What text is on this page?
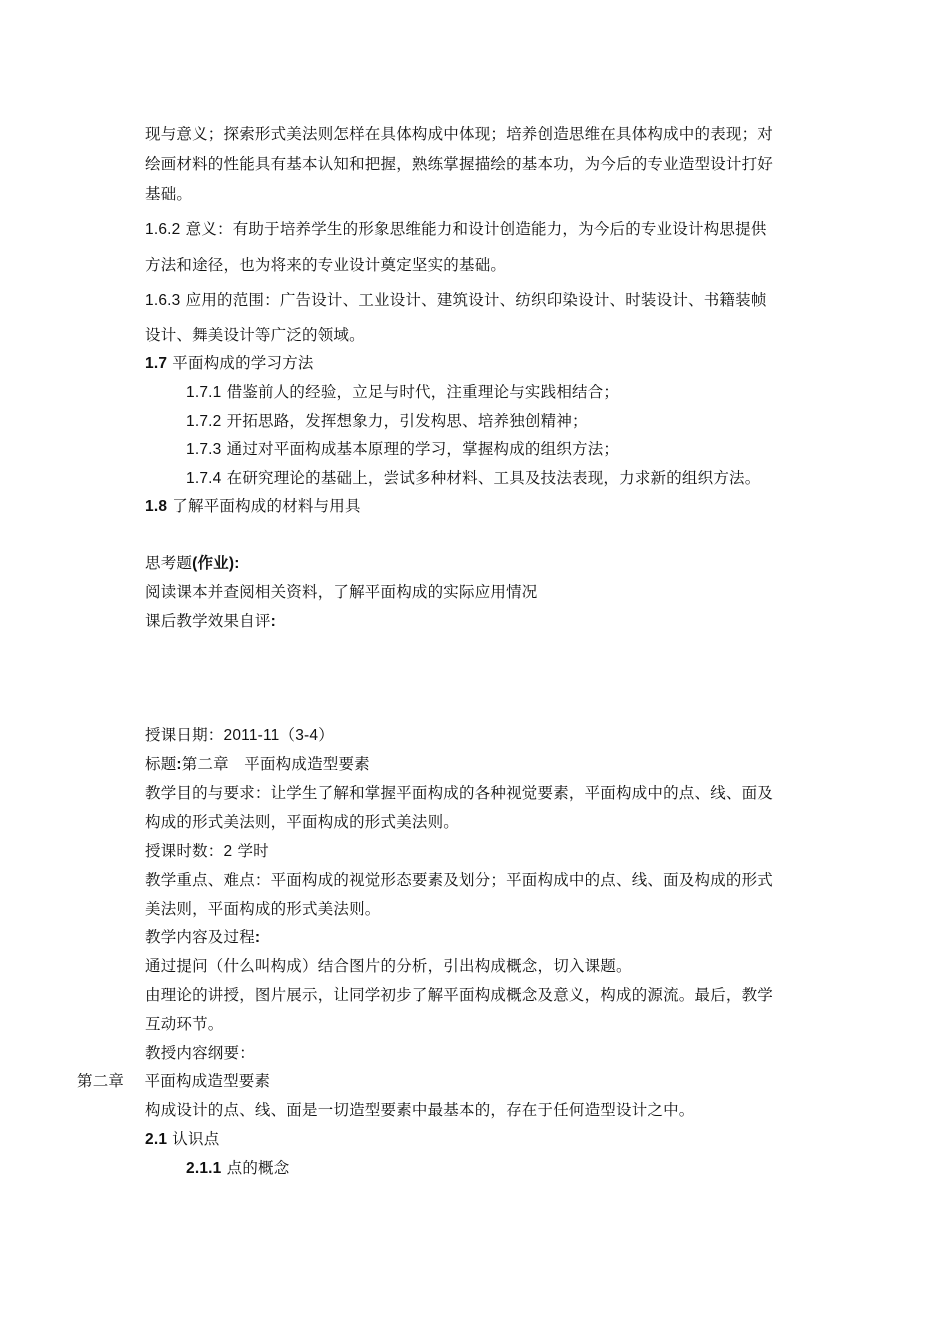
现与意义；探索形式美法则怎样在具体构成中体现；培养创造思维在具体构成中的表现；对
绘画材料的性能具有基本认知和把握，熟练掌握描绘的基本功，为今后的专业造型设计打好
基础。
1.6.2 意义：有助于培养学生的形象思维能力和设计创造能力，为今后的专业设计构思提供
方法和途径，也为将来的专业设计奠定坚实的基础。
1.6.3 应用的范围：广告设计、工业设计、建筑设计、纺织印染设计、时装设计、书籍装帧
设计、舞美设计等广泛的领域。
1.7 平面构成的学习方法
1.7.1 借鉴前人的经验，立足与时代，注重理论与实践相结合；
1.7.2 开拓思路，发挥想象力，引发构思、培养独创精神；
1.7.3 通过对平面构成基本原理的学习，掌握构成的组织方法；
1.7.4 在研究理论的基础上，尝试多种材料、工具及技法表现，力求新的组织方法。
1.8 了解平面构成的材料与用具
思考题(作业):
阅读课本并查阅相关资料，了解平面构成的实际应用情况
课后教学效果自评:
授课日期：2011-11（3-4）
标题:第二章   平面构成造型要素
教学目的与要求：让学生了解和掌握平面构成的各种视觉要素，平面构成中的点、线、面及
构成的形式美法则，平面构成的形式美法则。
授课时数：2 学时
教学重点、难点：平面构成的视觉形态要素及划分；平面构成中的点、线、面及构成的形式
美法则，平面构成的形式美法则。
教学内容及过程:
通过提问（什么叫构成）结合图片的分析，引出构成概念，切入课题。
由理论的讲授，图片展示，让同学初步了解平面构成概念及意义，构成的源流。最后，教学
互动环节。
教授内容纲要：
第二章    平面构成造型要素
构成设计的点、线、面是一切造型要素中最基本的，存在于任何造型设计之中。
2.1 认识点
2.1.1 点的概念
